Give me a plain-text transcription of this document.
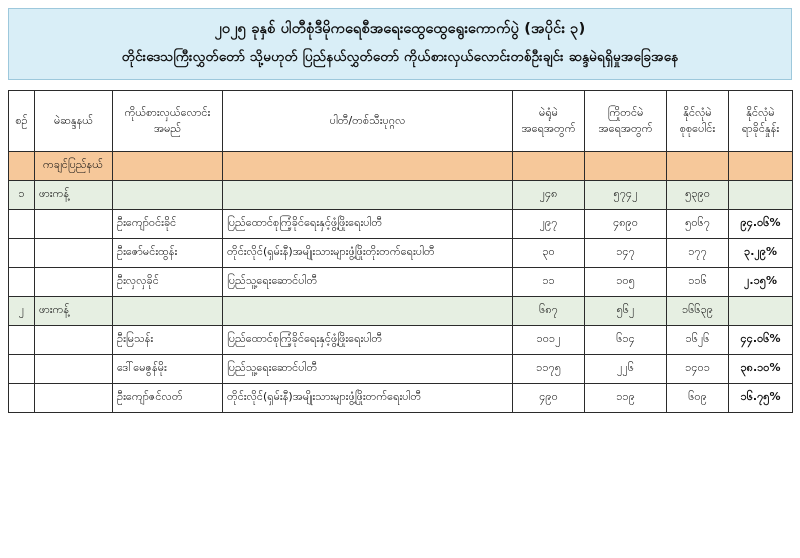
၂၀၂၅ ခုနှစ် ပါတီစုံဒီမိုကရေစီအရေးထွေထွေရွေးကောက်ပွဲ (အပိုင်း ၃)
တိုင်းဒေသကြီးလွှတ်တော် သို့မဟုတ် ပြည်နယ်လွှတ်တော် ကိုယ်စားလှယ်လောင်းတစ်ဦးချင်း ဆန္ဒမဲရရှိမှုအခြေအနေ
စဉ်	မဲဆန္ဒနယ်	ကိုယ်စားလှယ်လောင်း အမည်	ပါတီ/တစ်သီးပုဂ္ဂလ	မဲရုံမဲ အရေအတွက်	ကြိုတင်မဲ အရေအတွက်	နိုင်လုံမဲ စုစုပေါင်း	နိုင်လုံမဲ ရာခိုင်နှုန်း
	ကချင်ပြည်နယ်						
၁	ဖားကန့်			၂၄၈	၅၇၄၂	၅၃၉၀	
		ဦးကျော်ဝင်းခိုင်	ပြည်ထောင်စုကြံ့ခိုင်ရေးနှင့်ဖွံ့ဖြိုးရေးပါတီ	၂၉၇	၄၈၉၀	၅၀၆၇	၉၄.၀၆%
		ဦးဇော်မင်းထွန်း	တိုင်းလိုင်(ရှမ်းနီ)အမျိုးသားများဖွံ့ဖြိုးတိုးတက်ရေးပါတီ	၃၀	၁၄၇	၁၇၇	၃.၂၉%
		ဦးလှလှခိုင်	ပြည်သူ့ရေးဆောင်ပါတီ	၁၁	၁၀၅	၁၁၆	၂.၁၅%
၂	ဖားကန့်			၆၈၇	၅၆၂	၁၆၆၃၉	
		ဦးမြသန်း	ပြည်ထောင်စုကြံ့ခိုင်ရေးနှင့်ဖွံ့ဖြိုးရေးပါတီ	၁၀၁၂	၆၁၄	၁၆၂၆	၄၄.၀၆%
		ဒေါ်မေဇွန်မိုး	ပြည်သူ့ရေးဆောင်ပါတီ	၁၁၇၅	၂၂၆	၁၄၀၁	၃၈.၁၀%
		ဦးကျော်ဇင်လတ်	တိုင်းလိုင်(ရှမ်းနီ)အမျိုးသားများဖွံ့ဖြိုးတက်ရေးပါတီ	၄၉၀	၁၁၉	၆၀၉	၁၆.၇၅%
